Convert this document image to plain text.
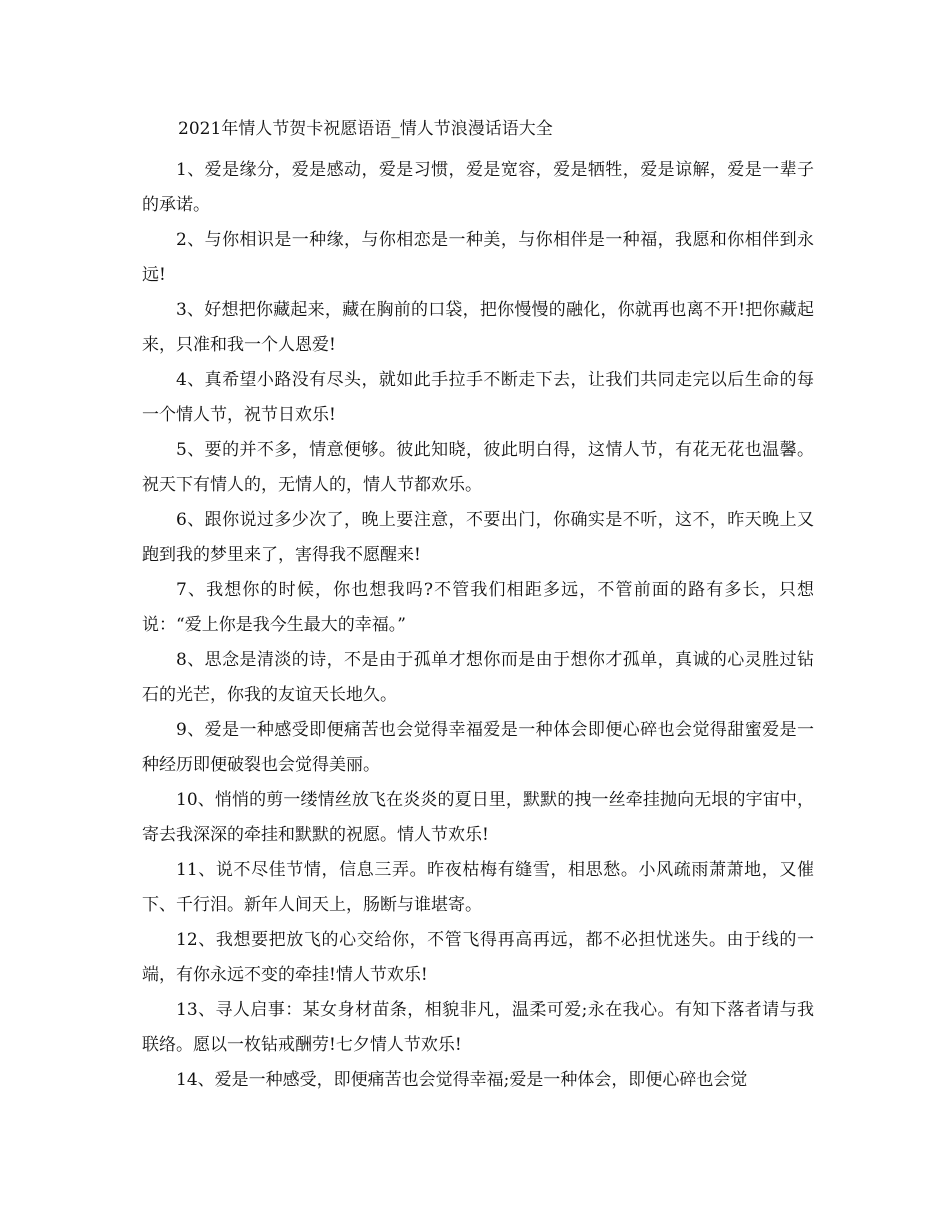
2021年情人节贺卡祝愿语语_情人节浪漫话语大全

1、爱是缘分，爱是感动，爱是习惯，爱是宽容，爱是牺牲，爱是谅解，爱是一辈子的承诺。

2、与你相识是一种缘，与你相恋是一种美，与你相伴是一种福，我愿和你相伴到永远!

3、好想把你藏起来，藏在胸前的口袋，把你慢慢的融化，你就再也离不开!把你藏起来，只准和我一个人恩爱!

4、真希望小路没有尽头，就如此手拉手不断走下去，让我们共同走完以后生命的每一个情人节，祝节日欢乐!

5、要的并不多，情意便够。彼此知晓，彼此明白得，这情人节，有花无花也温馨。祝天下有情人的，无情人的，情人节都欢乐。

6、跟你说过多少次了，晚上要注意，不要出门，你确实是不听，这不，昨天晚上又跑到我的梦里来了，害得我不愿醒来!

7、我想你的时候，你也想我吗?不管我们相距多远，不管前面的路有多长，只想说：“爱上你是我今生最大的幸福。”

8、思念是清淡的诗，不是由于孤单才想你而是由于想你才孤单，真诚的心灵胜过钻石的光芒，你我的友谊天长地久。

9、爱是一种感受即便痛苦也会觉得幸福爱是一种体会即便心碎也会觉得甜蜜爱是一种经历即便破裂也会觉得美丽。

10、悄悄的剪一缕情丝放飞在炎炎的夏日里，默默的拽一丝牵挂抛向无垠的宇宙中，寄去我深深的牵挂和默默的祝愿。情人节欢乐!

11、说不尽佳节情，信息三弄。昨夜枯梅有缝雪，相思愁。小风疏雨萧萧地，又催下、千行泪。新年人间天上，肠断与谁堪寄。

12、我想要把放飞的心交给你，不管飞得再高再远，都不必担忧迷失。由于线的一端，有你永远不变的牵挂!情人节欢乐!

13、寻人启事：某女身材苗条，相貌非凡，温柔可爱;永在我心。有知下落者请与我联络。愿以一枚钻戒酬劳!七夕情人节欢乐!

14、爱是一种感受，即便痛苦也会觉得幸福;爱是一种体会，即便心碎也会觉
